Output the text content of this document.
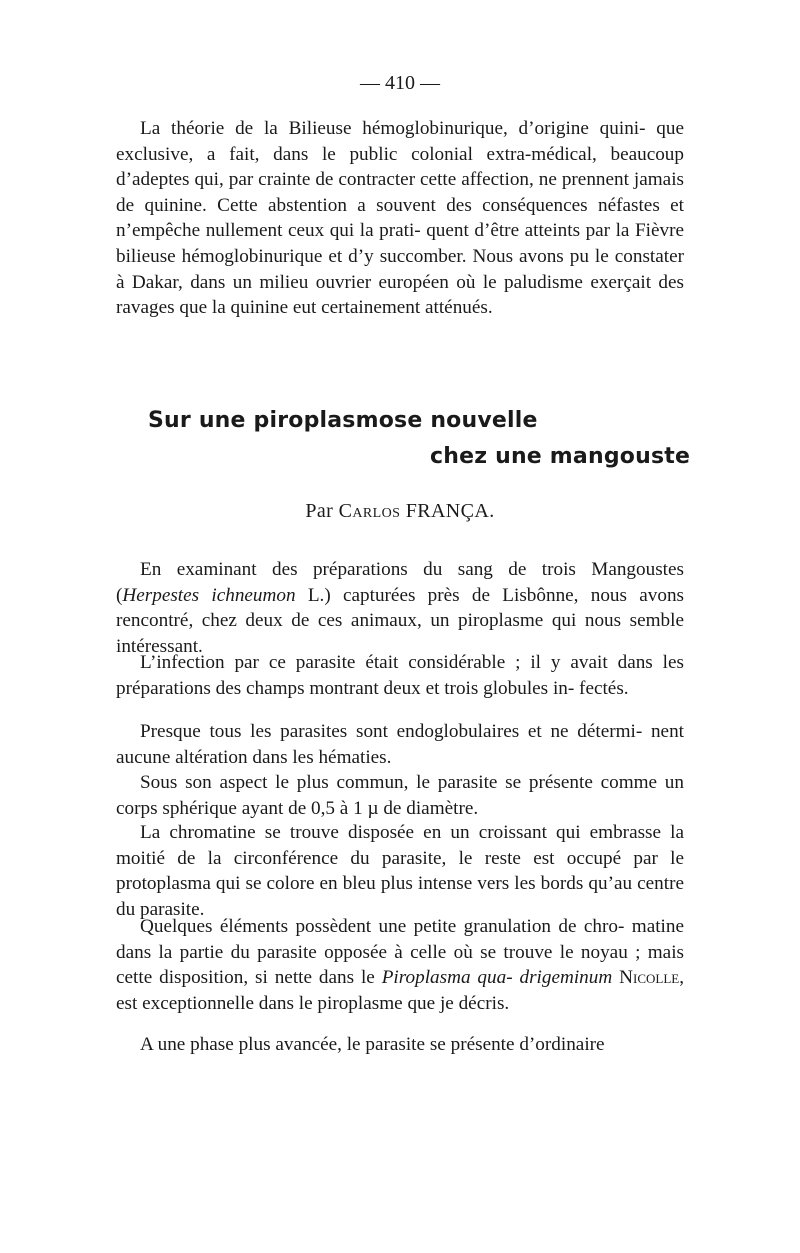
— 410 —

La théorie de la Bilieuse hémoglobinurique, d’origine quini- que exclusive, a fait, dans le public colonial extra-médical, beaucoup d’adeptes qui, par crainte de contracter cette affection, ne prennent jamais de quinine. Cette abstention a souvent des conséquences néfastes et n’empêche nullement ceux qui la prati- quent d’être atteints par la Fièvre bilieuse hémoglobinurique et d’y succomber. Nous avons pu le constater à Dakar, dans un milieu ouvrier européen où le paludisme exerçait des ravages que la quinine eut certainement atténués.

Sur une piroplasmose nouvelle
chez une mangouste
Par Carlos FRANÇA.

En examinant des préparations du sang de trois Mangoustes (Herpestes ichneumon L.) capturées près de Lisbônne, nous avons rencontré, chez deux de ces animaux, un piroplasme qui nous semble intéressant.

L’infection par ce parasite était considérable ; il y avait dans les préparations des champs montrant deux et trois globules in- fectés.

Presque tous les parasites sont endoglobulaires et ne détermi- nent aucune altération dans les hématies.

Sous son aspect le plus commun, le parasite se présente comme un corps sphérique ayant de 0,5 à 1 µ de diamètre.

La chromatine se trouve disposée en un croissant qui embrasse la moitié de la circonférence du parasite, le reste est occupé par le protoplasma qui se colore en bleu plus intense vers les bords qu’au centre du parasite.

Quelques éléments possèdent une petite granulation de chro- matine dans la partie du parasite opposée à celle où se trouve le noyau ; mais cette disposition, si nette dans le Piroplasma qua- drigeminum Nicolle, est exceptionnelle dans le piroplasme que je décris.

A une phase plus avancée, le parasite se présente d’ordinaire
